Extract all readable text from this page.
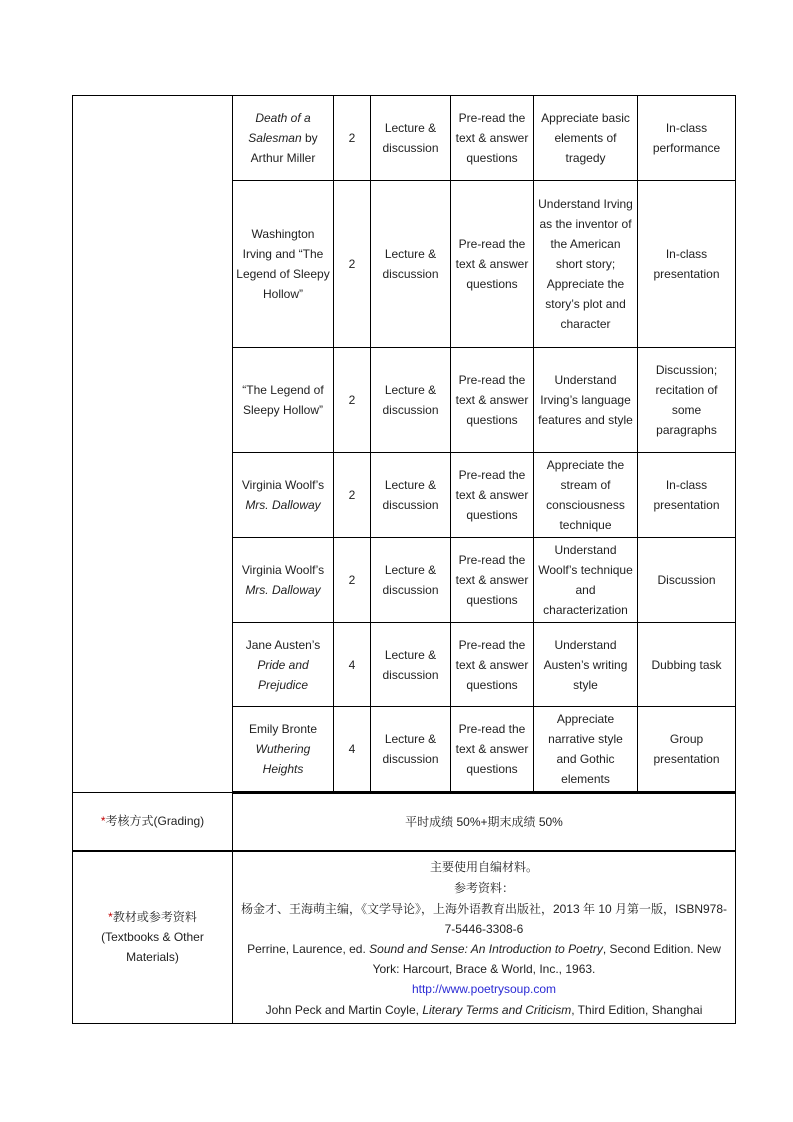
	Death of a Salesman by Arthur Miller	2	Lecture & discussion	Pre-read the text & answer questions	Appreciate basic elements of tragedy	In-class performance
	Washington Irving and “The Legend of Sleepy Hollow”	2	Lecture & discussion	Pre-read the text & answer questions	Understand Irving as the inventor of the American short story; Appreciate the story’s plot and character	In-class presentation
	“The Legend of Sleepy Hollow”	2	Lecture & discussion	Pre-read the text & answer questions	Understand Irving’s language features and style	Discussion; recitation of some paragraphs
	Virginia Woolf’s Mrs. Dalloway	2	Lecture & discussion	Pre-read the text & answer questions	Appreciate the stream of consciousness technique	In-class presentation
	Virginia Woolf’s Mrs. Dalloway	2	Lecture & discussion	Pre-read the text & answer questions	Understand Woolf’s technique and characterization	Discussion
	Jane Austen’s Pride and Prejudice	4	Lecture & discussion	Pre-read the text & answer questions	Understand Austen’s writing style	Dubbing task
	Emily Bronte Wuthering Heights	4	Lecture & discussion	Pre-read the text & answer questions	Appreciate narrative style and Gothic elements	Group presentation
*考核方式(Grading)	平时成绩 50%+期末成绩 50%					

*教材或参考资料
(Textbooks & Other
Materials)

主要使用自编材料。
参考资料：
杨金才、王海萌主编，《文学导论》，上海外语教育出版社，2013 年 10 月第一版，ISBN978-7-5446-3308-6
Perrine, Laurence, ed. Sound and Sense: An Introduction to Poetry, Second Edition. New York: Harcourt, Brace & World, Inc., 1963.
http://www.poetrysoup.com
John Peck and Martin Coyle, Literary Terms and Criticism, Third Edition, Shanghai
